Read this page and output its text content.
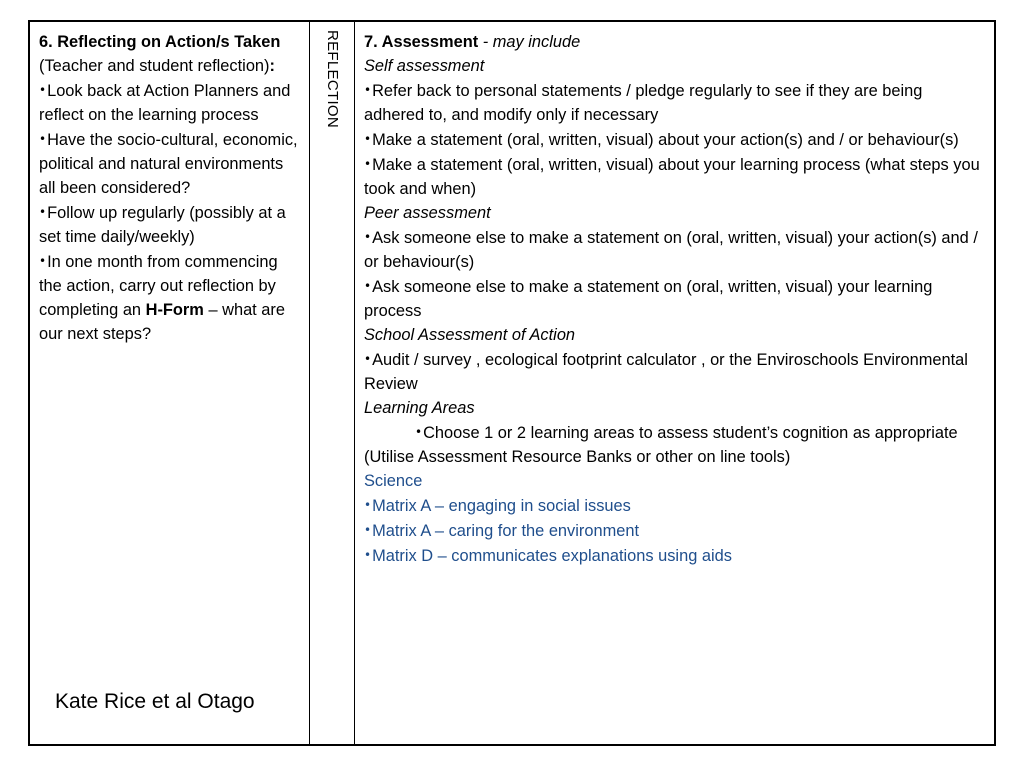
6. Reflecting on Action/s Taken

(Teacher and student reflection):

•Look back at Action Planners and reflect on the learning process

•Have the socio-cultural, economic, political and natural environments all been considered?

•Follow up regularly (possibly at a set time daily/weekly)

•In one month from commencing the action, carry out reflection by completing an H-Form – what are our next steps?

Kate Rice et al Otago
REFLECTION 7. Assessment - may include

Self assessment

•Refer back to personal statements / pledge regularly to see if they are being adhered to, and modify only if necessary

•Make a statement (oral, written, visual) about your action(s) and / or behaviour(s)

•Make a statement (oral, written, visual) about your learning process (what steps you took and when)

Peer assessment

•Ask someone else to make a statement on (oral, written, visual) your action(s) and / or behaviour(s)

•Ask someone else to make a statement on (oral, written, visual) your learning process

School Assessment of Action

•Audit / survey , ecological footprint calculator , or the Enviroschools Environmental Review

Learning Areas

•Choose 1 or 2 learning areas to assess student’s cognition as appropriate

(Utilise Assessment Resource Banks or other on line tools)

Science

•Matrix A – engaging in social issues

•Matrix A – caring for the environment

•Matrix D – communicates explanations using aids
